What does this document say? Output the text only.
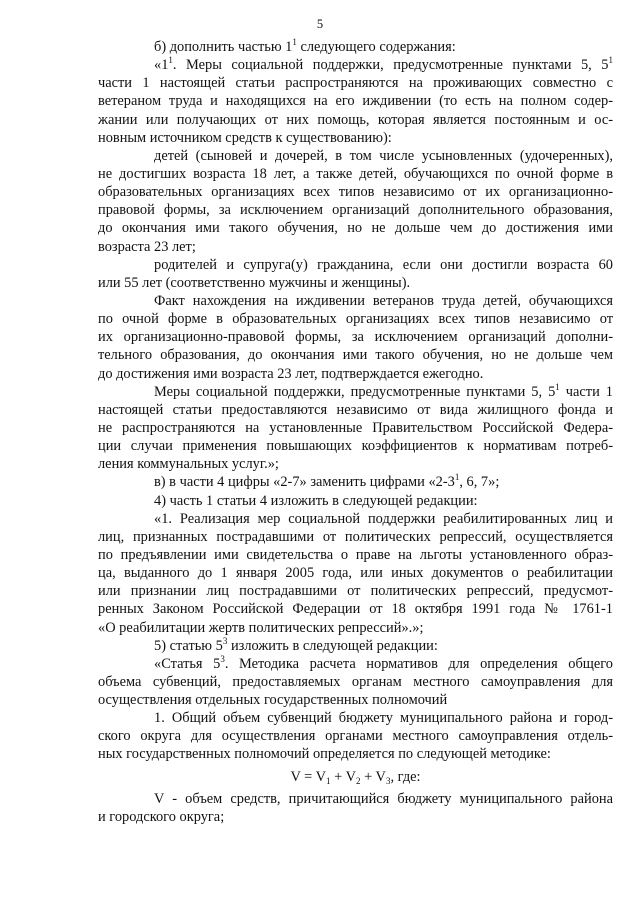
5
б) дополнить частью $1^1$ следующего содержания:
«$1^1$. Меры социальной поддержки, предусмотренные пунктами 5, $5^1$
части 1 настоящей статьи распространяются на проживающих совместно с
ветераном труда и находящихся на его иждивении (то есть на полном содер-
жании или получающих от них помощь, которая является постоянным и ос-
новным источником средств к существованию):
детей (сыновей и дочерей, в том числе усыновленных (удочеренных),
не достигших возраста 18 лет, а также детей, обучающихся по очной форме в
образовательных организациях всех типов независимо от их организационно-
правовой формы, за исключением организаций дополнительного образования,
до окончания ими такого обучения, но не дольше чем до достижения ими
возраста 23 лет;
родителей и супруга(у) гражданина, если они достигли возраста 60
или 55 лет (соответственно мужчины и женщины).
Факт нахождения на иждивении ветеранов труда детей, обучающихся
по очной форме в образовательных организациях всех типов независимо от
их организационно-правовой формы, за исключением организаций дополни-
тельного образования, до окончания ими такого обучения, но не дольше чем
до достижения ими возраста 23 лет, подтверждается ежегодно.
Меры социальной поддержки, предусмотренные пунктами 5, $5^1$ части 1
настоящей статьи предоставляются независимо от вида жилищного фонда и
не распространяются на установленные Правительством Российской Федера-
ции случаи применения повышающих коэффициентов к нормативам потреб-
ления коммунальных услуг.»;
в) в части 4 цифры «2-7» заменить цифрами «$2-3^1$, 6, 7»;
4) часть 1 статьи 4 изложить в следующей редакции:
«1. Реализация мер социальной поддержки реабилитированных лиц и
лиц, признанных пострадавшими от политических репрессий, осуществляется
по предъявлении ими свидетельства о праве на льготы установленного образ-
ца, выданного до 1 января 2005 года, или иных документов о реабилитации
или признании лиц пострадавшими от политических репрессий, предусмот-
ренных Законом Российской Федерации от 18 октября 1991 года № 1761-1
«О реабилитации жертв политических репрессий».»;
5) статью $5^3$ изложить в следующей редакции:
«Статья $5^3$. Методика расчета нормативов для определения общего
объема субвенций, предоставляемых органам местного самоуправления для
осуществления отдельных государственных полномочий
1. Общий объем субвенций бюджету муниципального района и город-
ского округа для осуществления органами местного самоуправления отдель-
ных государственных полномочий определяется по следующей методике:
$V = V_1 + V_2 + V_3$, где:
V - объем средств, причитающийся бюджету муниципального района
и городского округа;
